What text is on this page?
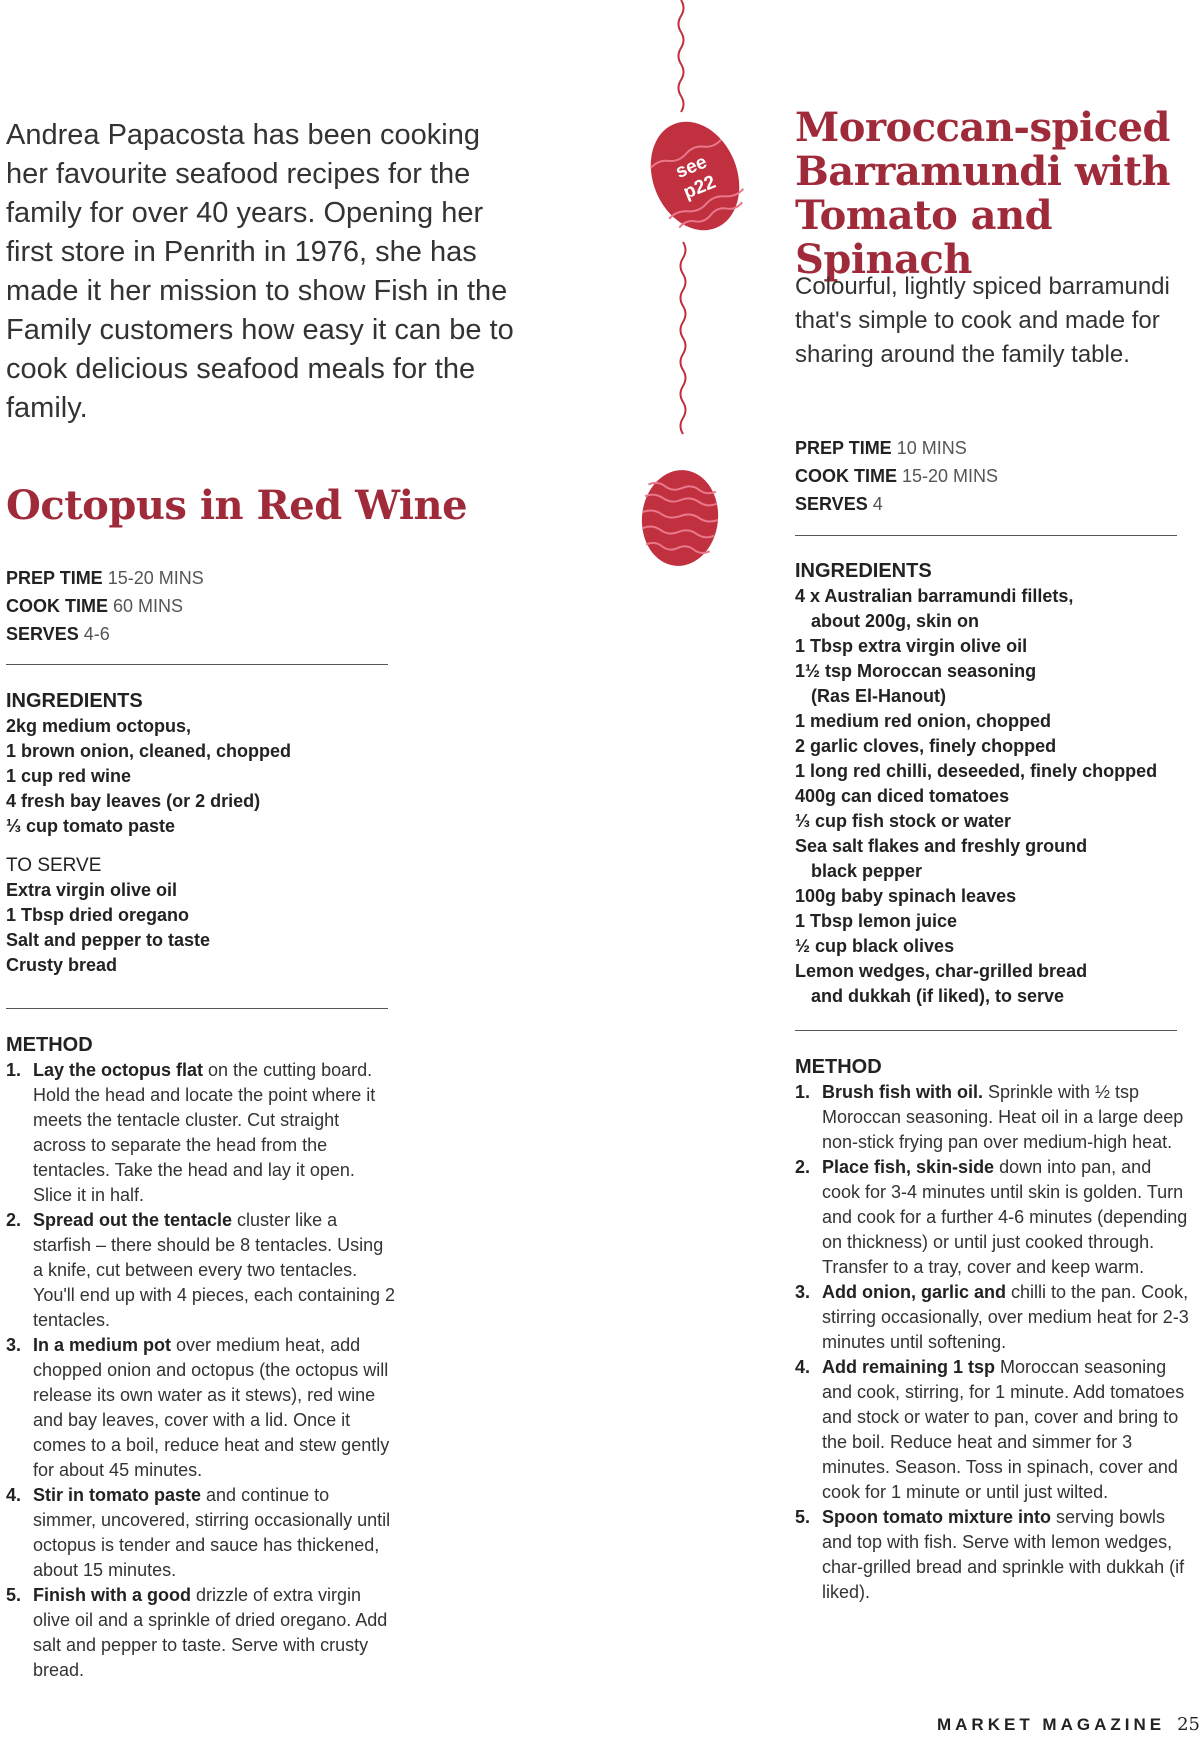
Andrea Papacosta has been cooking her favourite seafood recipes for the family for over 40 years. Opening her first store in Penrith in 1976, she has made it her mission to show Fish in the Family customers how easy it can be to cook delicious seafood meals for the family.
see
p22
Octopus in Red Wine
PREP TIME 15-20 MINS
COOK TIME 60 MINS
SERVES 4-6
INGREDIENTS
2kg medium octopus,
1 brown onion, cleaned, chopped
1 cup red wine
4 fresh bay leaves (or 2 dried)
⅓ cup tomato paste
TO SERVE
Extra virgin olive oil
1 Tbsp dried oregano
Salt and pepper to taste
Crusty bread
METHOD
1. Lay the octopus flat on the cutting board. Hold the head and locate the point where it meets the tentacle cluster. Cut straight across to separate the head from the tentacles. Take the head and lay it open. Slice it in half.
2. Spread out the tentacle cluster like a starfish – there should be 8 tentacles. Using a knife, cut between every two tentacles. You'll end up with 4 pieces, each containing 2 tentacles.
3. In a medium pot over medium heat, add chopped onion and octopus (the octopus will release its own water as it stews), red wine and bay leaves, cover with a lid. Once it comes to a boil, reduce heat and stew gently for about 45 minutes.
4. Stir in tomato paste and continue to simmer, uncovered, stirring occasionally until octopus is tender and sauce has thickened, about 15 minutes.
5. Finish with a good drizzle of extra virgin olive oil and a sprinkle of dried oregano. Add salt and pepper to taste. Serve with crusty bread.
Moroccan-spiced Barramundi with Tomato and Spinach
Colourful, lightly spiced barramundi that's simple to cook and made for sharing around the family table.
PREP TIME 10 MINS
COOK TIME 15-20 MINS
SERVES 4
INGREDIENTS
4 x Australian barramundi fillets,
about 200g, skin on
1 Tbsp extra virgin olive oil
1½ tsp Moroccan seasoning
(Ras El-Hanout)
1 medium red onion, chopped
2 garlic cloves, finely chopped
1 long red chilli, deseeded, finely chopped
400g can diced tomatoes
⅓ cup fish stock or water
Sea salt flakes and freshly ground
black pepper
100g baby spinach leaves
1 Tbsp lemon juice
½ cup black olives
Lemon wedges, char-grilled bread
and dukkah (if liked), to serve
METHOD
1. Brush fish with oil. Sprinkle with ½ tsp Moroccan seasoning. Heat oil in a large deep non-stick frying pan over medium-high heat.
2. Place fish, skin-side down into pan, and cook for 3-4 minutes until skin is golden. Turn and cook for a further 4-6 minutes (depending on thickness) or until just cooked through. Transfer to a tray, cover and keep warm.
3. Add onion, garlic and chilli to the pan. Cook, stirring occasionally, over medium heat for 2-3 minutes until softening.
4. Add remaining 1 tsp Moroccan seasoning and cook, stirring, for 1 minute. Add tomatoes and stock or water to pan, cover and bring to the boil. Reduce heat and simmer for 3 minutes. Season. Toss in spinach, cover and cook for 1 minute or until just wilted.
5. Spoon tomato mixture into serving bowls and top with fish. Serve with lemon wedges, char-grilled bread and sprinkle with dukkah (if liked).
MARKET MAGAZINE 25
